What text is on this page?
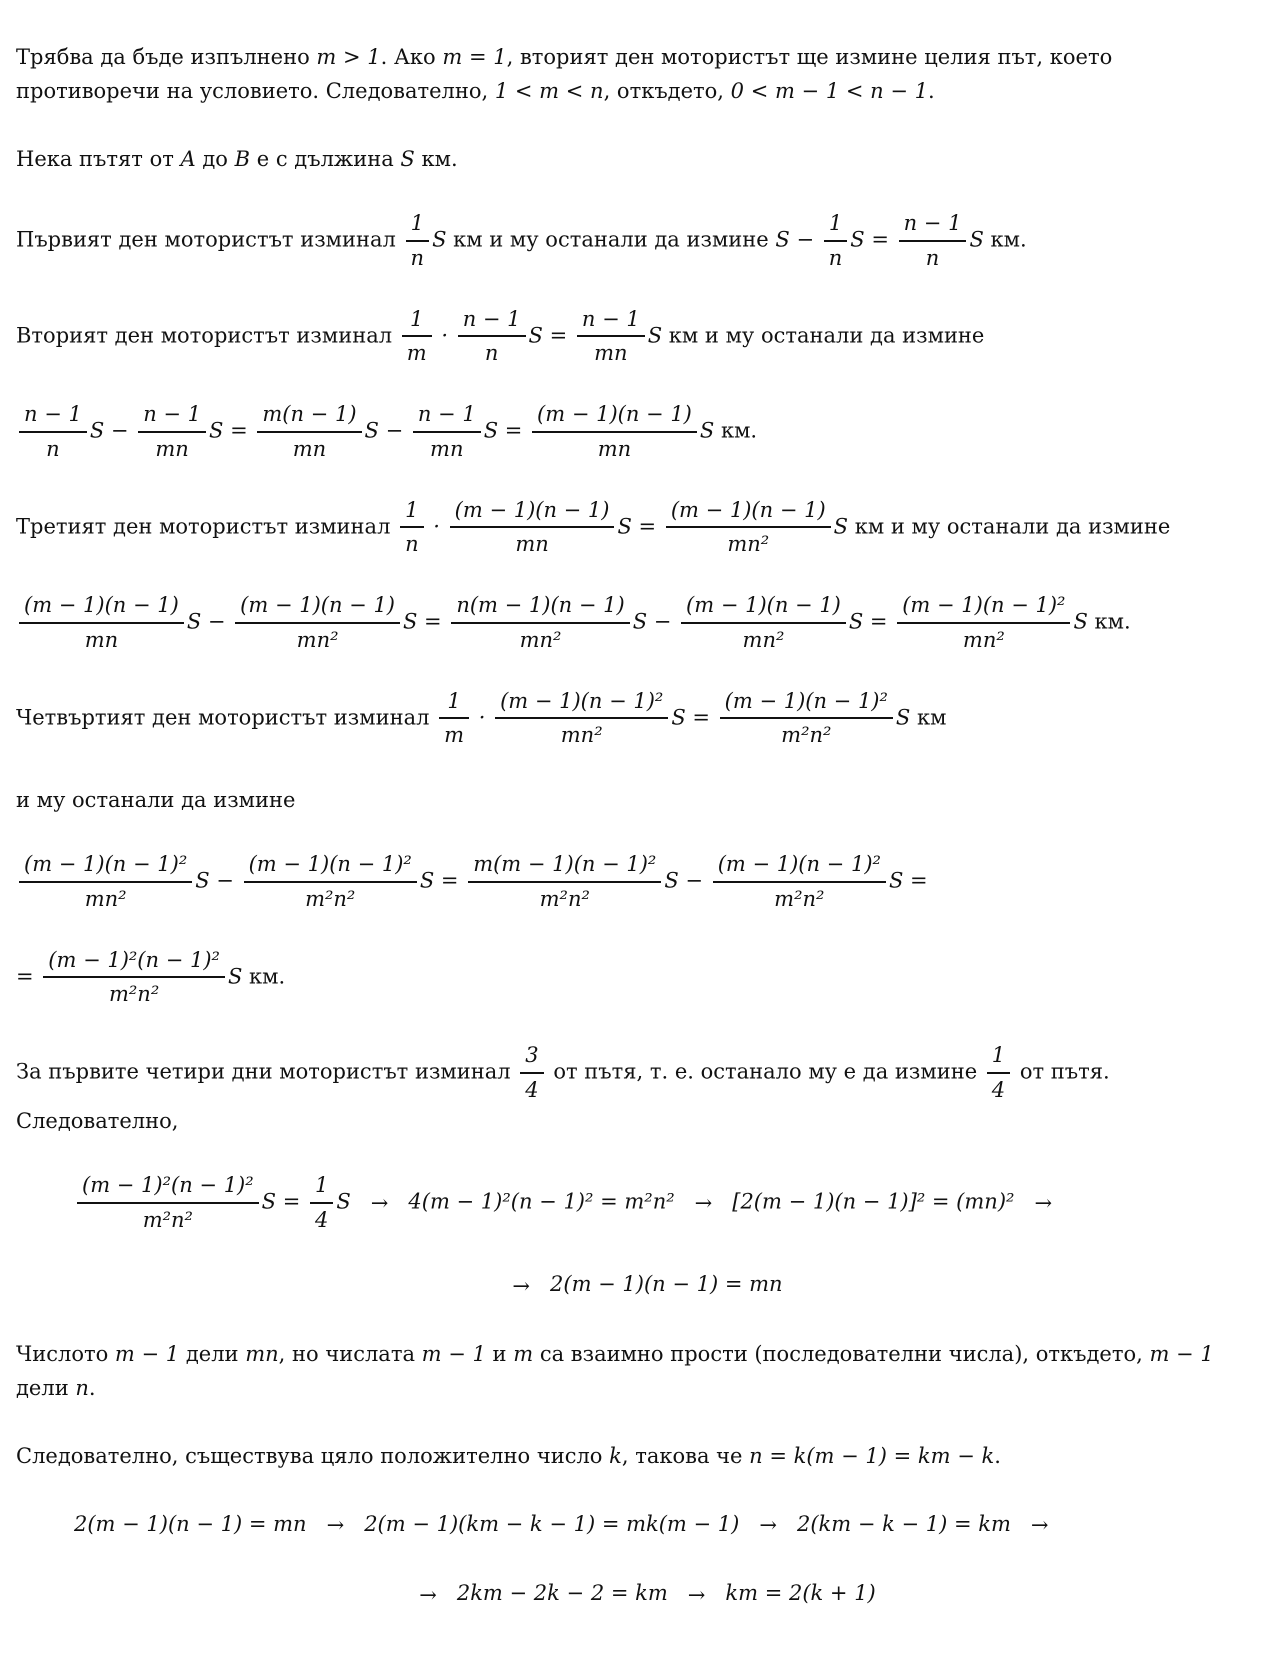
Трябва да бъде изпълнено m > 1. Ако m = 1, вторият ден мотористът ще измине целия път, което противоречи на условието. Следователно, 1 < m < n, откъдето, 0 < m − 1 < n − 1.
Нека пътят от A до B е с дължина S км.
Първият ден мотористът изминал $\frac{1}{n}$ S км и му останали да измине $S - \frac{1}{n}$ $S = \frac{n - 1}{n}$ S км.
Вторият ден мотористът изминал $\frac{1}{m} \cdot \frac{n - 1}{n}$ $S = \frac{n - 1}{mn}$ S км и му останали да измине
$\frac{n - 1}{n}$ $S - \frac{n - 1}{mn}$ $S = \frac{m(n - 1)}{mn}$ $S - \frac{n - 1}{mn}$ $S = \frac{(m - 1)(n - 1)}{mn}$ S км.
Третият ден мотористът изминал $\frac{1}{n} \cdot \frac{(m - 1)(n - 1)}{mn}$ $S = \frac{(m - 1)(n - 1)}{\text{mn²}}$ S км и му останали да измине
$\frac{(m - 1)(n - 1)}{mn}$ $S - \frac{(m - 1)(n - 1)}{\text{mn²}}$ $S = \frac{n(m - 1)(n - 1)}{\text{mn²}}$ $S - \frac{(m - 1)(n - 1)}{\text{mn²}}$ $S = \frac{\text{(m − 1)(n − 1)²}}{\text{mn²}}$ S км.
Четвъртият ден мотористът изминал $\frac{1}{m} \cdot \frac{\text{(m − 1)(n − 1)²}}{\text{mn²}}$ $S = \frac{\text{(m − 1)(n − 1)²}}{\text{m²n²}}$ S км
и му останали да измине
$\frac{\text{(m − 1)(n − 1)²}}{\text{mn²}}$ $S - \frac{\text{(m − 1)(n − 1)²}}{\text{m²n²}}$ $S = \frac{\text{m(m − 1)(n − 1)²}}{\text{m²n²}}$ $S - \frac{\text{(m − 1)(n − 1)²}}{\text{m²n²}}$ S =
= $\frac{\text{(m − 1)²(n − 1)²}}{\text{m²n²}}$ S км.
За първите четири дни мотористът изминал $\frac{3}{4}$ от пътя, т. е. останало му е да измине $\frac{1}{4}$ от пътя. Следователно,
$\frac{\text{(m − 1)²(n − 1)²}}{\text{m²n²}}$ $S = \frac{1}{4}$ S → 4(m − 1)²(n − 1)² = m²n² → [2(m − 1)(n − 1)]² = (mn)² →
→ 2(m − 1)(n − 1) = mn
Числото m − 1 дели mn, но числата m − 1 и m са взаимно прости (последователни числа), откъдето, m − 1 дели n.
Следователно, съществува цяло положително число k, такова че n = k(m − 1) = km − k.
2(m − 1)(n − 1) = mn → 2(m − 1)(km − k − 1) = mk(m − 1) → 2(km − k − 1) = km →
→ 2km − 2k − 2 = km → km = 2(k + 1)
